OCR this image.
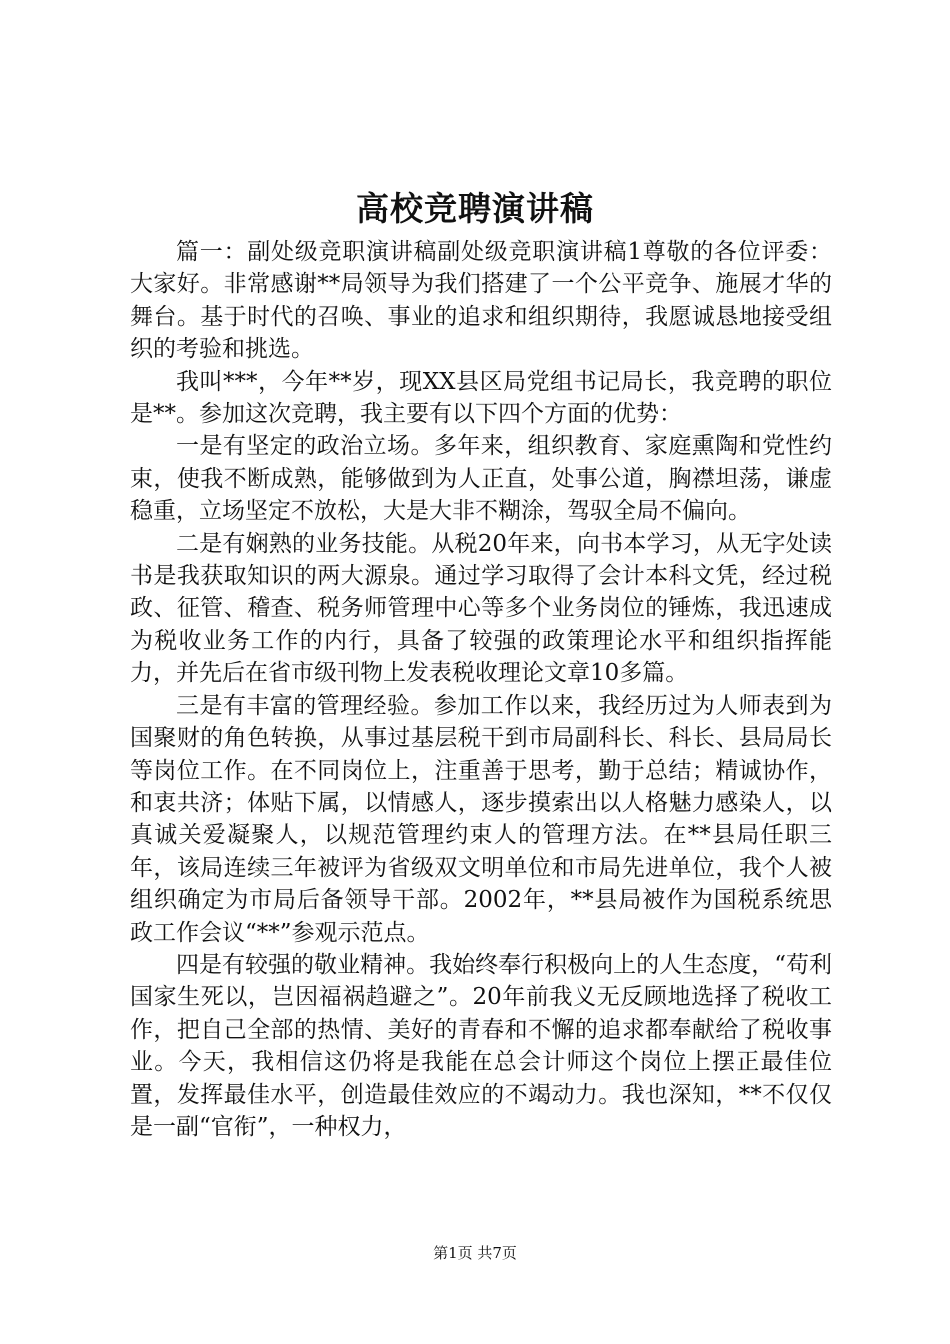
高校竞聘演讲稿

篇一：副处级竞职演讲稿副处级竞职演讲稿1尊敬的各位评委：大家好。非常感谢**局领导为我们搭建了一个公平竞争、施展才华的舞台。基于时代的召唤、事业的追求和组织期待，我愿诚恳地接受组织的考验和挑选。

我叫***，今年**岁，现XX县区局党组书记局长，我竞聘的职位是**。参加这次竞聘，我主要有以下四个方面的优势：

一是有坚定的政治立场。多年来，组织教育、家庭熏陶和党性约束，使我不断成熟，能够做到为人正直，处事公道，胸襟坦荡，谦虚稳重，立场坚定不放松，大是大非不糊涂，驾驭全局不偏向。

二是有娴熟的业务技能。从税20年来，向书本学习，从无字处读书是我获取知识的两大源泉。通过学习取得了会计本科文凭，经过税政、征管、稽查、税务师管理中心等多个业务岗位的锤炼，我迅速成为税收业务工作的内行，具备了较强的政策理论水平和组织指挥能力，并先后在省市级刊物上发表税收理论文章10多篇。

三是有丰富的管理经验。参加工作以来，我经历过为人师表到为国聚财的角色转换，从事过基层税干到市局副科长、科长、县局局长等岗位工作。在不同岗位上，注重善于思考，勤于总结；精诚协作，和衷共济；体贴下属，以情感人，逐步摸索出以人格魅力感染人，以真诚关爱凝聚人，以规范管理约束人的管理方法。在**县局任职三年，该局连续三年被评为省级双文明单位和市局先进单位，我个人被组织确定为市局后备领导干部。2002年，**县局被作为国税系统思政工作会议“**”参观示范点。

四是有较强的敬业精神。我始终奉行积极向上的人生态度，“苟利国家生死以，岂因福祸趋避之”。20年前我义无反顾地选择了税收工作，把自己全部的热情、美好的青春和不懈的追求都奉献给了税收事业。今天，我相信这仍将是我能在总会计师这个岗位上摆正最佳位置，发挥最佳水平，创造最佳效应的不竭动力。我也深知，**不仅仅是一副“官衔”，一种权力，

第1页 共7页
